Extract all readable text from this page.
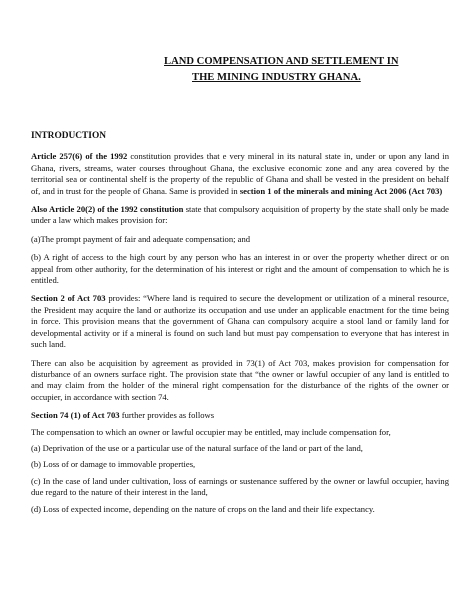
LAND COMPENSATION AND SETTLEMENT IN
THE MINING INDUSTRY GHANA.
INTRODUCTION

Article 257(6) of the 1992 constitution provides that e very mineral in its natural state in, under or upon any land in Ghana, rivers, streams, water courses throughout Ghana, the exclusive economic zone and any area covered by the territorial sea or continental shelf is the property of the republic of Ghana and shall be vested in the president on behalf of, and in trust for the people of Ghana. Same is provided in section 1 of the minerals and mining Act 2006 (Act 703)

Also Article 20(2) of the 1992 constitution state that compulsory acquisition of property by the state shall only be made under a law which makes provision for:

(a)The prompt payment of fair and adequate compensation; and

(b) A right of access to the high court by any person who has an interest in or over the property whether direct or on appeal from other authority, for the determination of his interest or right and the amount of compensation to which he is entitled.

Section 2 of Act 703 provides: “Where land is required to secure the development or utilization of a mineral resource, the President may acquire the land or authorize its occupation and use under an applicable enactment for the time being in force. This provision means that the government of Ghana can compulsory acquire a stool land or family land for developmental activity or if a mineral is found on such land but must pay compensation to everyone that has interest in such land.

There can also be acquisition by agreement as provided in 73(1) of Act 703, makes provision for compensation for disturbance of an owners surface right. The provision state that “the owner or lawful occupier of any land is entitled to and may claim from the holder of the mineral right compensation for the disturbance of the rights of the owner or occupier, in accordance with section 74.

Section 74 (1) of Act 703 further provides as follows

The compensation to which an owner or lawful occupier may be entitled, may include compensation for,

(a) Deprivation of the use or a particular use of the natural surface of the land or part of the land,

(b) Loss of or damage to immovable properties,

(c) In the case of land under cultivation, loss of earnings or sustenance suffered by the owner or lawful occupier, having due regard to the nature of their interest in the land,

(d) Loss of expected income, depending on the nature of crops on the land and their life expectancy.
